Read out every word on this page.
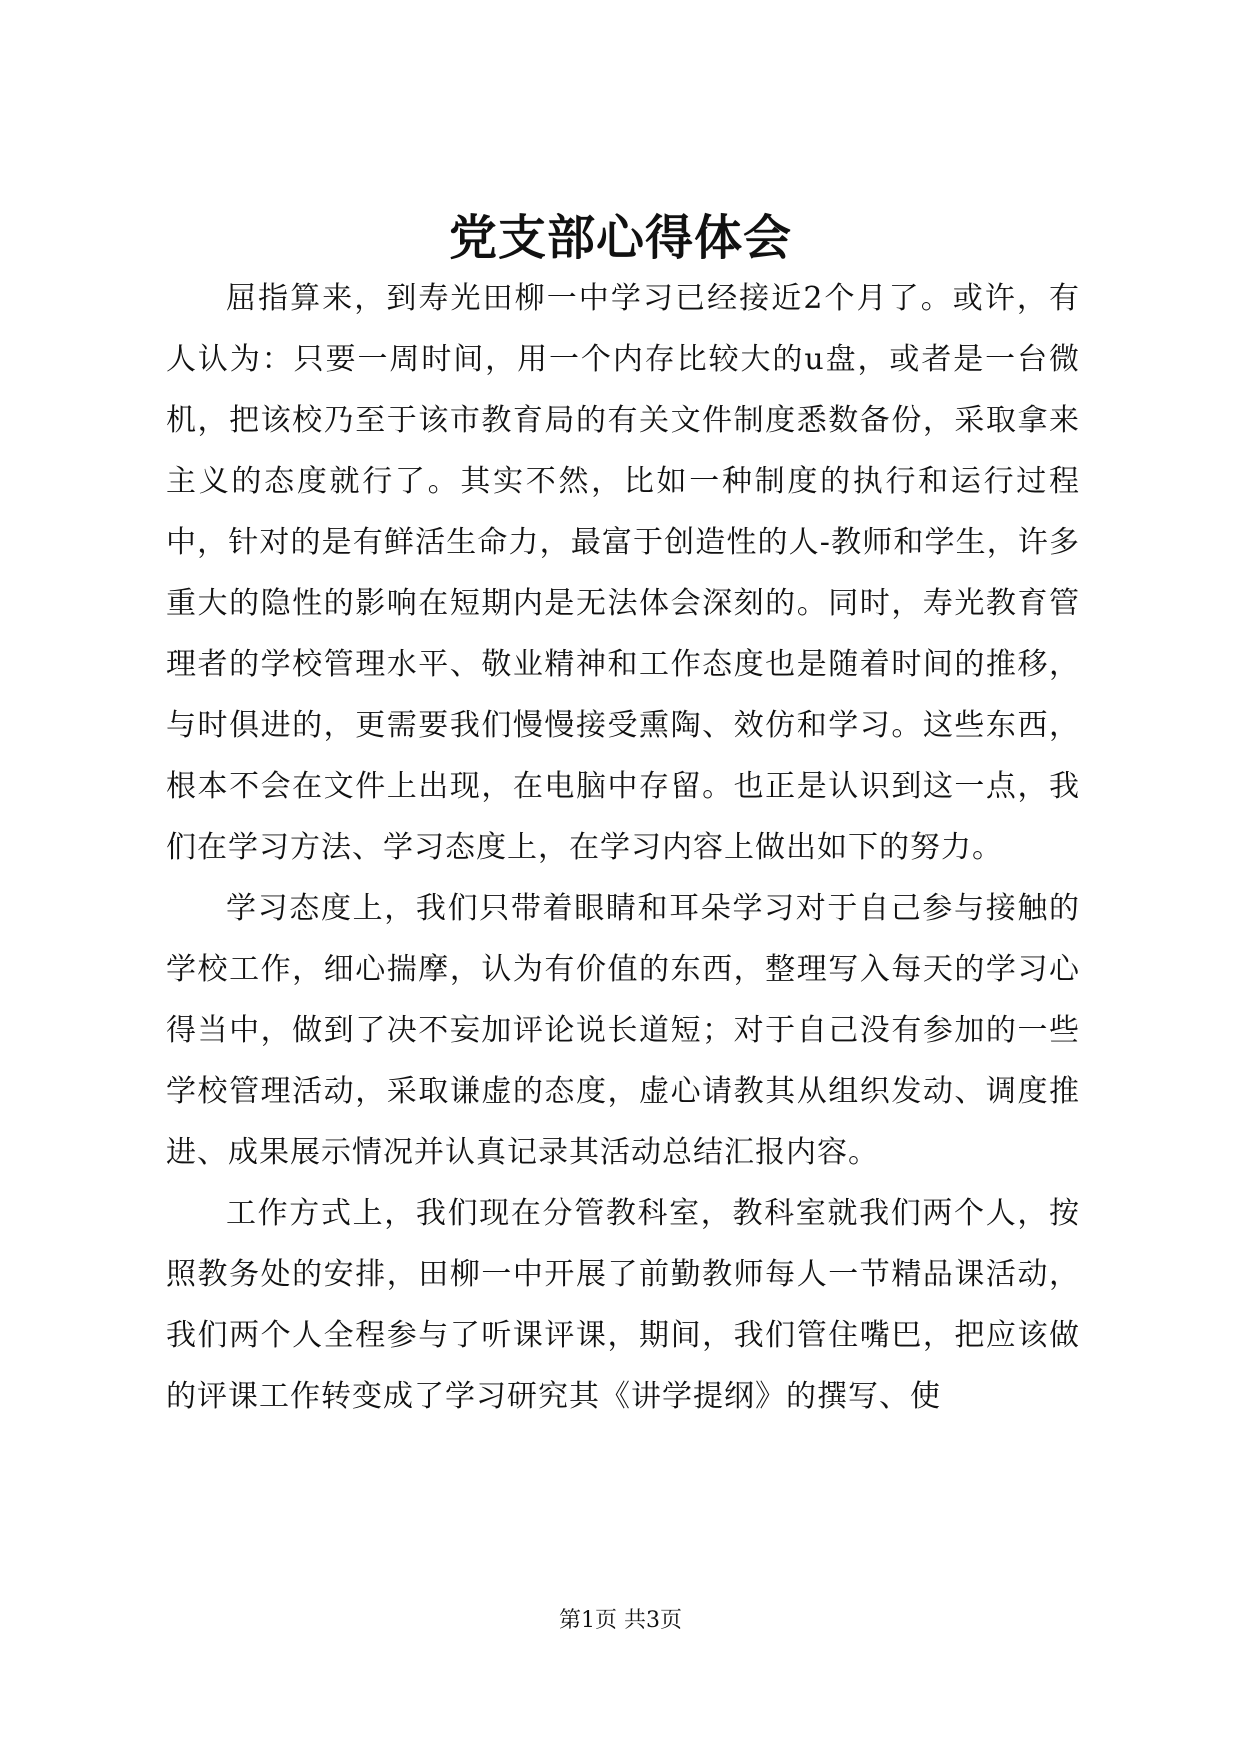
党支部心得体会

屈指算来，到寿光田柳一中学习已经接近2个月了。或许，有人认为：只要一周时间，用一个内存比较大的u盘，或者是一台微机，把该校乃至于该市教育局的有关文件制度悉数备份，采取拿来主义的态度就行了。其实不然，比如一种制度的执行和运行过程中，针对的是有鲜活生命力，最富于创造性的人-教师和学生，许多重大的隐性的影响在短期内是无法体会深刻的。同时，寿光教育管理者的学校管理水平、敬业精神和工作态度也是随着时间的推移，与时俱进的，更需要我们慢慢接受熏陶、效仿和学习。这些东西，根本不会在文件上出现，在电脑中存留。也正是认识到这一点，我们在学习方法、学习态度上，在学习内容上做出如下的努力。

学习态度上，我们只带着眼睛和耳朵学习对于自己参与接触的学校工作，细心揣摩，认为有价值的东西，整理写入每天的学习心得当中，做到了决不妄加评论说长道短；对于自己没有参加的一些学校管理活动，采取谦虚的态度，虚心请教其从组织发动、调度推进、成果展示情况并认真记录其活动总结汇报内容。

工作方式上，我们现在分管教科室，教科室就我们两个人，按照教务处的安排，田柳一中开展了前勤教师每人一节精品课活动，我们两个人全程参与了听课评课，期间，我们管住嘴巴，把应该做的评课工作转变成了学习研究其《讲学提纲》的撰写、使

第1页 共3页
